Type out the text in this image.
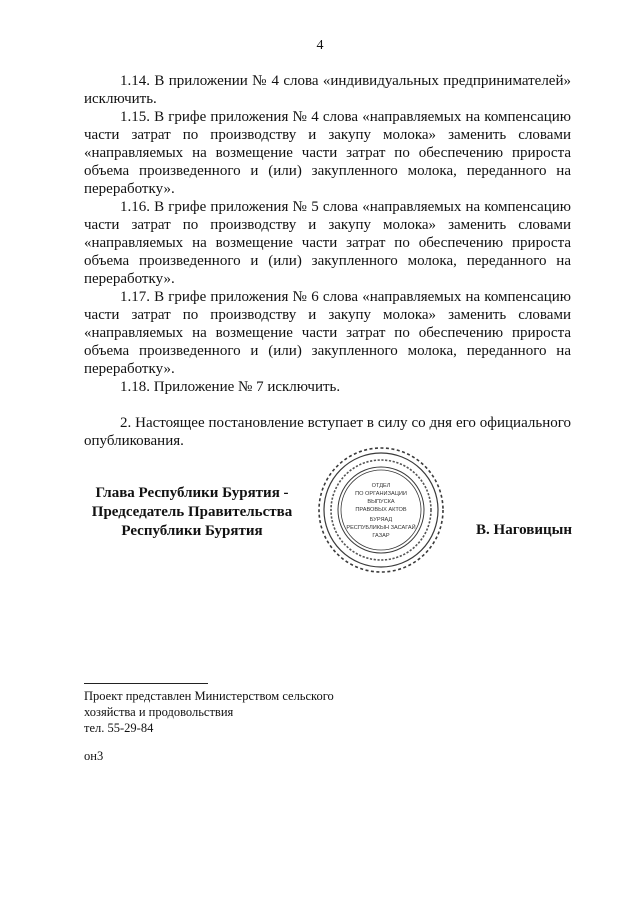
4

1.14. В приложении № 4 слова «индивидуальных предпринимателей» исключить.

1.15. В грифе приложения № 4 слова «направляемых на компенсацию части затрат по производству и закупу молока» заменить словами «направляемых на возмещение части затрат по обеспечению прироста объема произведенного и (или) закупленного молока, переданного на переработку».

1.16. В грифе приложения № 5 слова «направляемых на компенсацию части затрат по производству и закупу молока» заменить словами «направляемых на возмещение части затрат по обеспечению прироста объема произведенного и (или) закупленного молока, переданного на переработку».

1.17. В грифе приложения № 6 слова «направляемых на компенсацию части затрат по производству и закупу молока» заменить словами «направляемых на возмещение части затрат по обеспечению прироста объема произведенного и (или) закупленного молока, переданного на переработку».

1.18. Приложение № 7 исключить.

2. Настоящее постановление вступает в силу со дня его официального опубликования.

Глава Республики Бурятия -
Председатель Правительства
Республики Бурятия
ОТДЕЛ
ПО ОРГАНИЗАЦИИ
ВЫПУСКА
ПРАВОВЫХ АКТОВ
БУРЯАД
РЕСПУБЛИКЫН ЗАСАГАЙ
ГАЗАР	В. Наговицын
Проект представлен Министерством сельского
хозяйства и продовольствия
тел. 55-29-84
он3
